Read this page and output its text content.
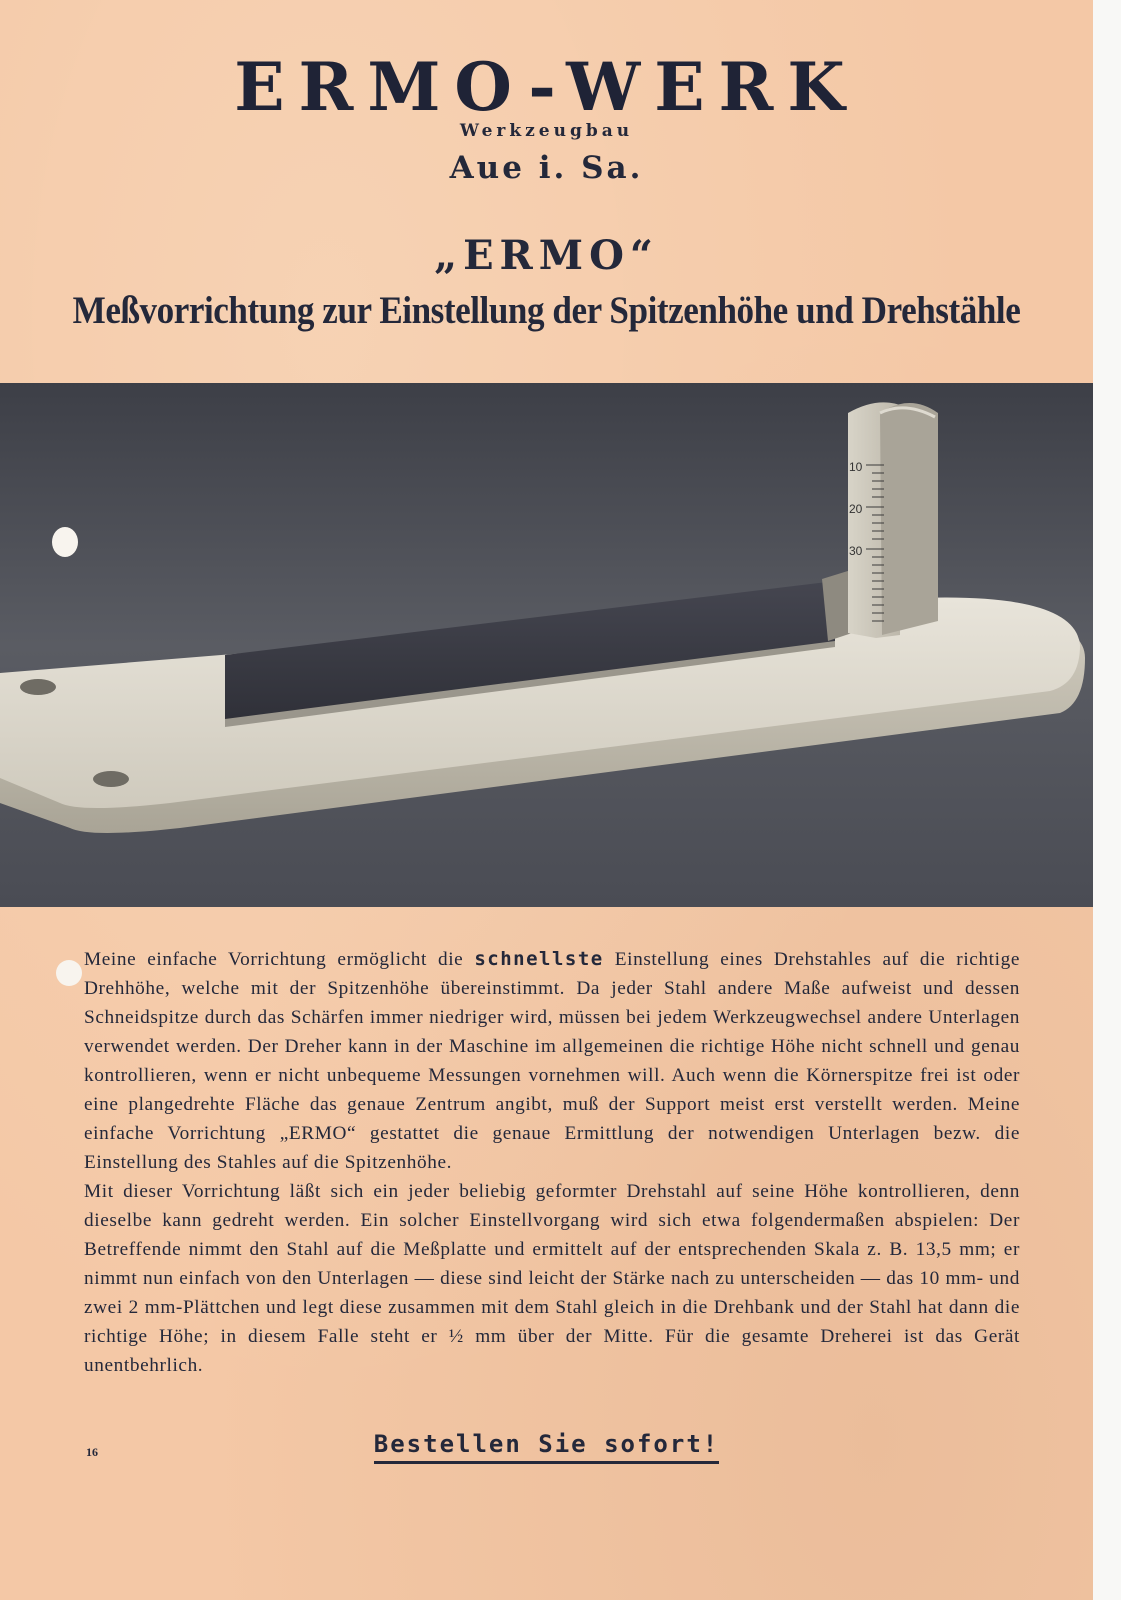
ERMO-WERK
Werkzeugbau
Aue i. Sa.
„ERMO“
Meßvorrichtung zur Einstellung der Spitzenhöhe und Drehstähle
10
20
30

Meine einfache Vorrichtung ermöglicht die schnellste Einstellung eines Drehstahles auf die richtige Drehhöhe, welche mit der Spitzenhöhe übereinstimmt. Da jeder Stahl andere Maße aufweist und dessen Schneidspitze durch das Schärfen immer niedriger wird, müssen bei jedem Werkzeugwechsel andere Unterlagen verwendet werden. Der Dreher kann in der Maschine im allgemeinen die richtige Höhe nicht schnell und genau kontrollieren, wenn er nicht unbequeme Messungen vornehmen will. Auch wenn die Körnerspitze frei ist oder eine plangedrehte Fläche das genaue Zentrum angibt, muß der Support meist erst verstellt werden. Meine einfache Vorrichtung „ERMO“ gestattet die genaue Ermittlung der notwendigen Unterlagen bezw. die Einstellung des Stahles auf die Spitzenhöhe.

Mit dieser Vorrichtung läßt sich ein jeder beliebig geformter Drehstahl auf seine Höhe kontrollieren, denn dieselbe kann gedreht werden. Ein solcher Einstellvorgang wird sich etwa folgendermaßen abspielen: Der Betreffende nimmt den Stahl auf die Meßplatte und ermittelt auf der entsprechenden Skala z. B. 13,5 mm; er nimmt nun einfach von den Unterlagen — diese sind leicht der Stärke nach zu unterscheiden — das 10 mm- und zwei 2 mm-Plättchen und legt diese zusammen mit dem Stahl gleich in die Drehbank und der Stahl hat dann die richtige Höhe; in diesem Falle steht er ½ mm über der Mitte. Für die gesamte Dreherei ist das Gerät unentbehrlich.

16	Bestellen Sie sofort!
